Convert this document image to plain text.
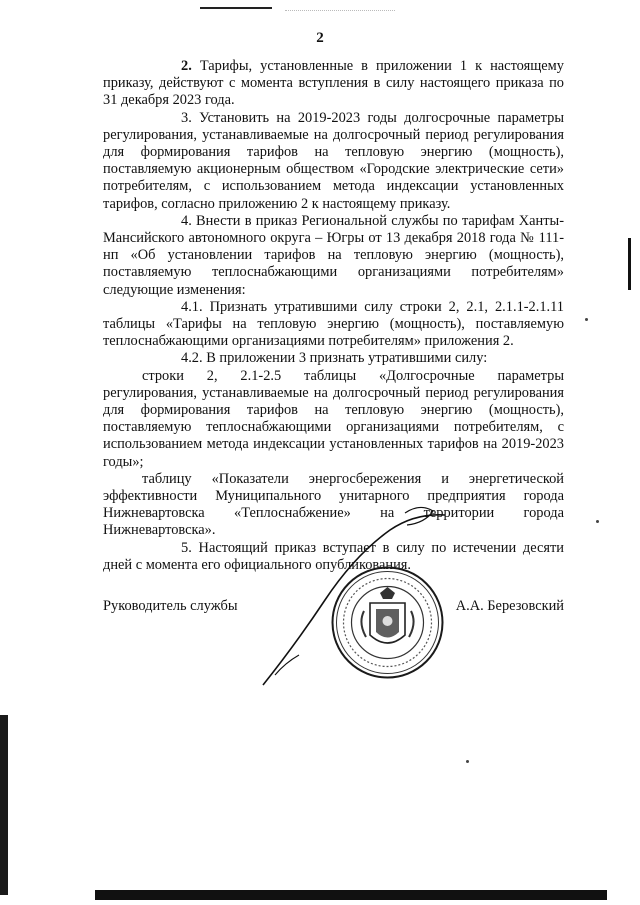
2

2. Тарифы, установленные в приложении 1 к настоящему приказу, действуют с момента вступления в силу настоящего приказа по 31 декабря 2023 года.

3. Установить на 2019-2023 годы долгосрочные параметры регулирования, устанавливаемые на долгосрочный период регулирования для формирования тарифов на тепловую энергию (мощность), поставляемую акционерным обществом «Городские электрические сети» потребителям, с использованием метода индексации установленных тарифов, согласно приложению 2 к настоящему приказу.

4. Внести в приказ Региональной службы по тарифам Ханты-Мансийского автономного округа – Югры от 13 декабря 2018 года № 111-нп «Об установлении тарифов на тепловую энергию (мощность), поставляемую теплоснабжающими организациями потребителям» следующие изменения:

4.1. Признать утратившими силу строки 2, 2.1, 2.1.1-2.1.11 таблицы «Тарифы на тепловую энергию (мощность), поставляемую теплоснабжающими организациями потребителям» приложения 2.

4.2. В приложении 3 признать утратившими силу:

строки 2, 2.1-2.5 таблицы «Долгосрочные параметры регулирования, устанавливаемые на долгосрочный период регулирования для формирования тарифов на тепловую энергию (мощность), поставляемую теплоснабжающими организациями потребителям, с использованием метода индексации установленных тарифов на 2019-2023 годы»;

таблицу «Показатели энергосбережения и энергетической эффективности Муниципального унитарного предприятия города Нижневартовска «Теплоснабжение» на территории города Нижневартовска».

5. Настоящий приказ вступает в силу по истечении десяти дней с момента его официального опубликования.

Руководитель службы	А.А. Березовский
